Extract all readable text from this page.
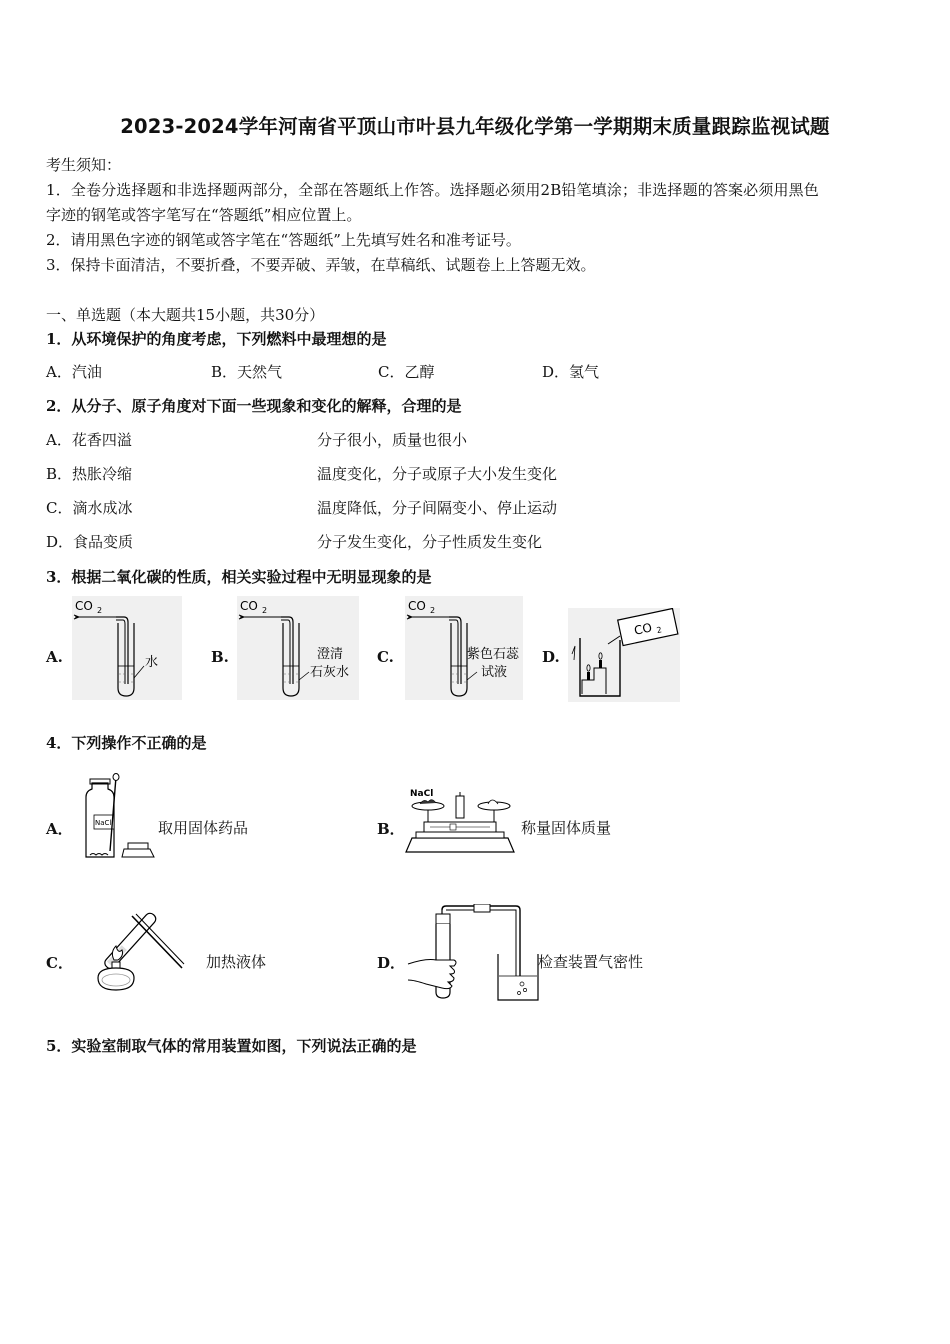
2023-2024学年河南省平顶山市叶县九年级化学第一学期期末质量跟踪监视试题
考生须知：
1．全卷分选择题和非选择题两部分，全部在答题纸上作答。选择题必须用2B铅笔填涂；非选择题的答案必须用黑色
字迹的钢笔或答字笔写在“答题纸”相应位置上。
2．请用黑色字迹的钢笔或答字笔在“答题纸”上先填写姓名和准考证号。
3．保持卡面清洁，不要折叠，不要弄破、弄皱，在草稿纸、试题卷上上答题无效。
一、单选题（本大题共15小题，共30分）
1．从环境保护的角度考虑，下列燃料中最理想的是
A．汽油	B．天然气	C．乙醇	D．氢气
2．从分子、原子角度对下面一些现象和变化的解释，合理的是
A．花香四溢	分子很小，质量也很小
B．热胀冷缩	温度变化，分子或原子大小发生变化
C．滴水成冰	温度降低，分子间隔变小、停止运动
D．食品变质	分子发生变化，分子性质发生变化
3．根据二氧化碳的性质，相关实验过程中无明显现象的是
A.	B.	C.	D.
CO 2
水
CO 2
澄清
石灰水
CO 2
紫色石蕊
试液
CO 2
4．下列操作不正确的是
A．	取用固体药品	B．	称量固体质量
C．	加热液体	D．	检查装置气密性
NaCl
NaCl
5．实验室制取气体的常用装置如图，下列说法正确的是
